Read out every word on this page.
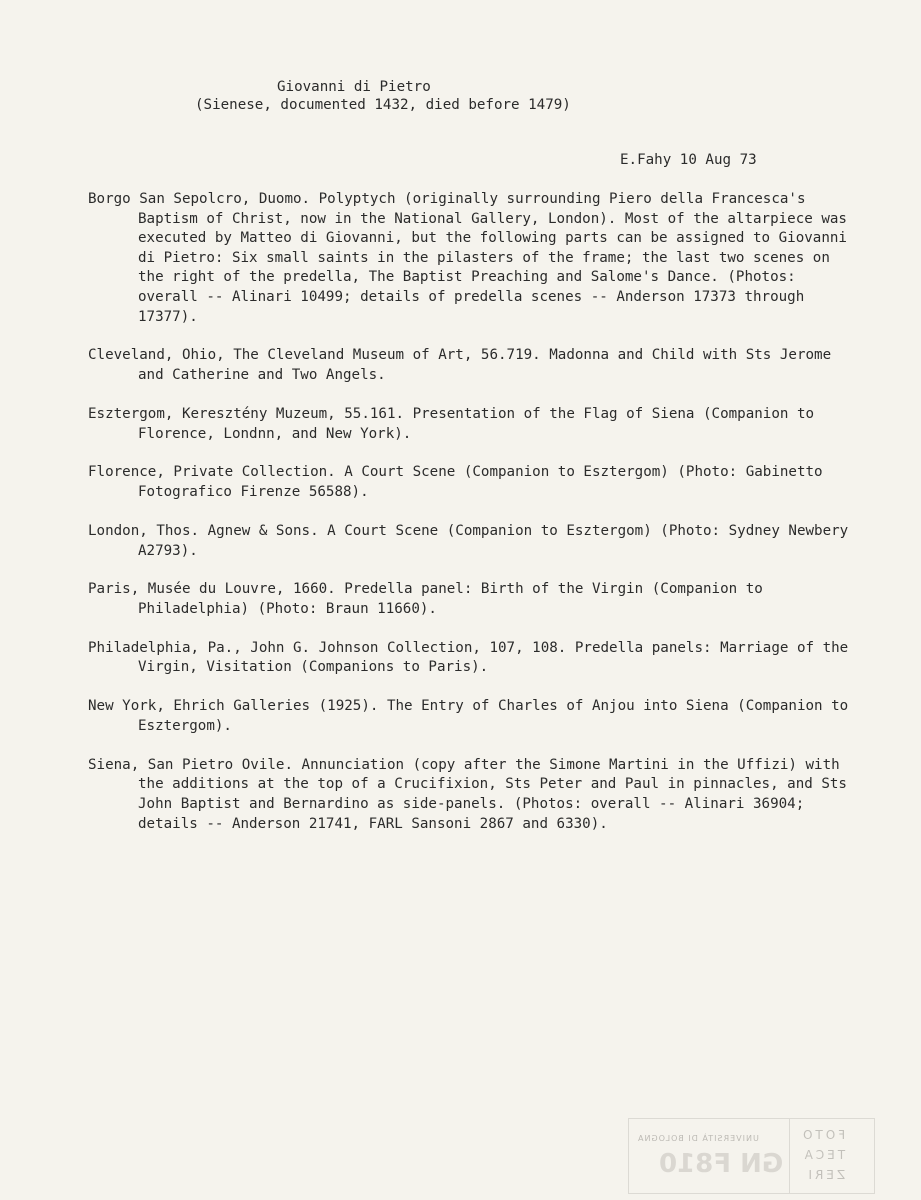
Giovanni di Pietro
(Sienese, documented 1432, died before 1479)
E.Fahy 10 Aug 73

Borgo San Sepolcro, Duomo. Polyptych (originally surrounding Piero della Francesca's Baptism of Christ, now in the National Gallery, London). Most of the altarpiece was executed by Matteo di Giovanni, but the following parts can be assigned to Giovanni di Pietro: Six small saints in the pilasters of the frame; the last two scenes on the right of the predella, The Baptist Preaching and Salome's Dance. (Photos: overall -- Alinari 10499; details of predella scenes -- Anderson 17373 through 17377).

Cleveland, Ohio, The Cleveland Museum of Art, 56.719. Madonna and Child with Sts Jerome and Catherine and Two Angels.

Esztergom, Keresztény Muzeum, 55.161. Presentation of the Flag of Siena (Companion to Florence, Londnn, and New York).

Florence, Private Collection. A Court Scene (Companion to Esztergom) (Photo: Gabinetto Fotografico Firenze 56588).

London, Thos. Agnew & Sons. A Court Scene (Companion to Esztergom) (Photo: Sydney Newbery A2793).

Paris, Musée du Louvre, 1660. Predella panel: Birth of the Virgin (Companion to Philadelphia) (Photo: Braun 11660).

Philadelphia, Pa., John G. Johnson Collection, 107, 108. Predella panels: Marriage of the Virgin, Visitation (Companions to Paris).

New York, Ehrich Galleries (1925). The Entry of Charles of Anjou into Siena (Companion to Esztergom).

Siena, San Pietro Ovile. Annunciation (copy after the Simone Martini in the Uffizi) with the additions at the top of a Crucifixion, Sts Peter and Paul in pinnacles, and Sts John Baptist and Bernardino as side-panels. (Photos: overall -- Alinari 36904; details -- Anderson 21741, FARL Sansoni 2867 and 6330).

UNIVERSITÀ DI BOLOGNA
GN F810
FOTO
TECA
ZERI
